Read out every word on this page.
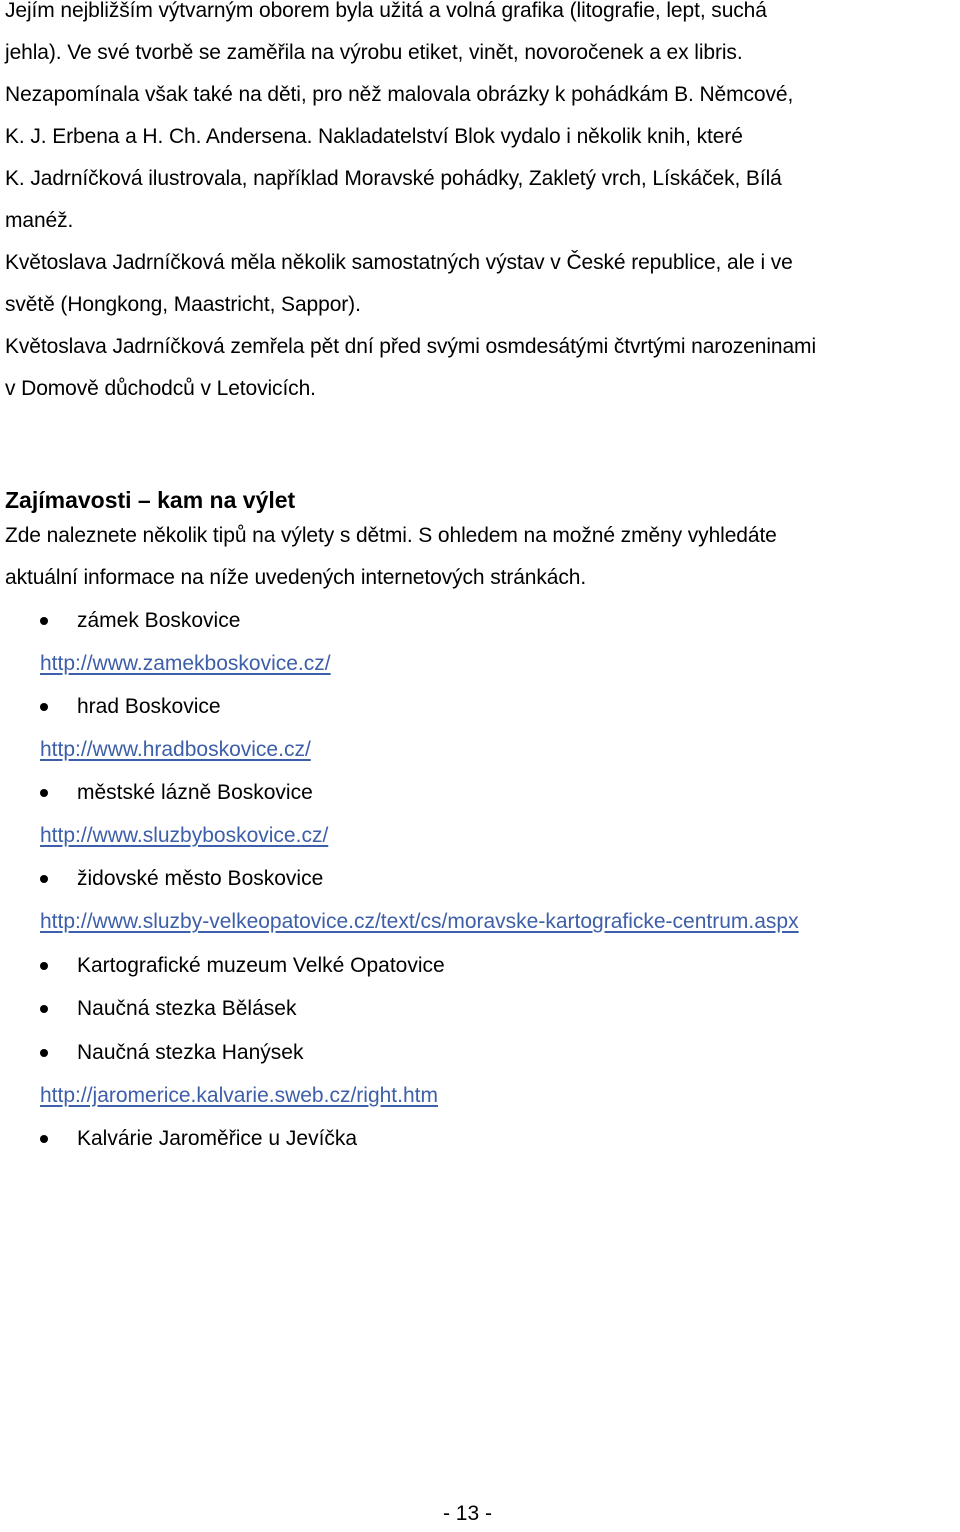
Jejím nejbližším výtvarným oborem byla užitá a volná grafika (litografie, lept, suchá
jehla). Ve své tvorbě se zaměřila na výrobu etiket, vinět, novoročenek a ex libris.
Nezapomínala však také na děti, pro něž malovala obrázky k pohádkám B. Němcové,
K. J. Erbena a H. Ch. Andersena. Nakladatelství Blok vydalo i několik knih, které
K. Jadrníčková ilustrovala, například Moravské pohádky, Zakletý vrch, Lískáček, Bílá
manéž.

Květoslava Jadrníčková měla několik samostatných výstav v České republice, ale i ve
světě (Hongkong, Maastricht, Sappor).

Květoslava Jadrníčková zemřela pět dní před svými osmdesátými čtvrtými narozeninami
v Domově důchodců v Letovicích.

Zajímavosti – kam na výlet

Zde naleznete několik tipů na výlety s dětmi. S ohledem na možné změny vyhledáte
aktuální informace na níže uvedených internetových stránkách.

zámek Boskovice
http://www.zamekboskovice.cz/
hrad Boskovice
http://www.hradboskovice.cz/
městské lázně Boskovice
http://www.sluzbyboskovice.cz/
židovské město Boskovice
http://www.sluzby-velkeopatovice.cz/text/cs/moravske-kartograficke-centrum.aspx
Kartografické muzeum Velké Opatovice
Naučná stezka Bělásek
Naučná stezka Hanýsek
http://jaromerice.kalvarie.sweb.cz/right.htm
Kalvárie Jaroměřice u Jevíčka
- 13 -
